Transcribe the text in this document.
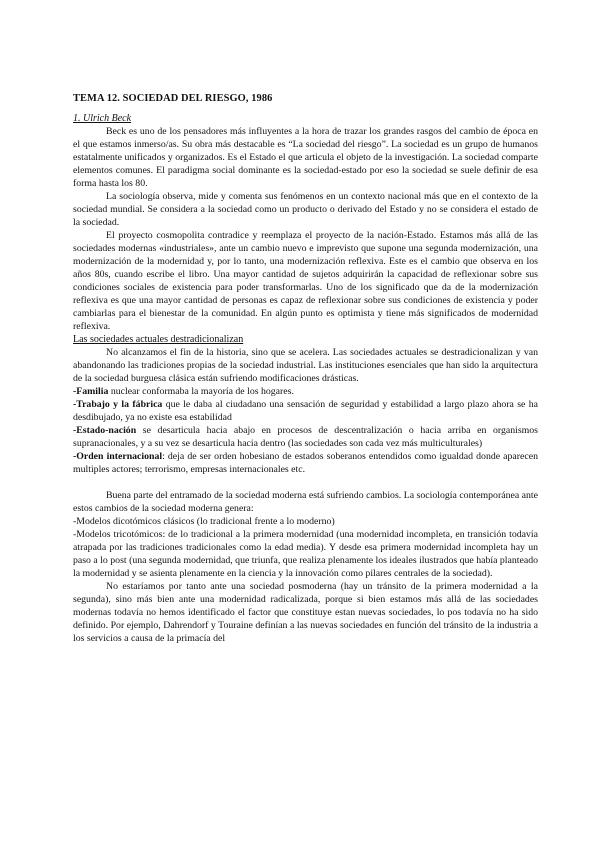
TEMA 12. SOCIEDAD DEL RIESGO, 1986
1. Ulrich Beck

Beck es uno de los pensadores más influyentes a la hora de trazar los grandes rasgos del cambio de época en el que estamos inmerso/as. Su obra más destacable es “La sociedad del riesgo”. La sociedad es un grupo de humanos estatalmente unificados y organizados. Es el Estado el que articula el objeto de la investigación. La sociedad comparte elementos comunes. El paradigma social dominante es la sociedad-estado por eso la sociedad se suele definir de esa forma hasta los 80.

La sociología observa, mide y comenta sus fenómenos en un contexto nacional más que en el contexto de la sociedad mundial. Se considera a la sociedad como un producto o derivado del Estado y no se considera el estado de la sociedad.

El proyecto cosmopolita contradice y reemplaza el proyecto de la nación-Estado. Estamos más allá de las sociedades modernas «industriales», ante un cambio nuevo e imprevisto que supone una segunda modernización, una modernización de la modernidad y, por lo tanto, una modernización reflexiva. Este es el cambio que observa en los años 80s, cuando escribe el libro. Una mayor cantidad de sujetos adquirirán la capacidad de reflexionar sobre sus condiciones sociales de existencia para poder transformarlas. Uno de los significado que da de la modernización reflexiva es que una mayor cantidad de personas es capaz de reflexionar sobre sus condiciones de existencia y poder cambiarlas para el bienestar de la comunidad. En algún punto es optimista y tiene más significados de modernidad reflexiva.

Las sociedades actuales destradicionalizan

No alcanzamos el fin de la historia, sino que se acelera. Las sociedades actuales se destradicionalizan y van abandonando las tradiciones propias de la sociedad industrial. Las instituciones esenciales que han sido la arquitectura de la sociedad burguesa clásica están sufriendo modificaciones drásticas.

-Familia nuclear conformaba la mayoría de los hogares.

-Trabajo y la fábrica que le daba al ciudadano una sensación de seguridad y estabilidad a largo plazo ahora se ha desdibujado, ya no existe esa estabilidad

-Estado-nación se desarticula hacia abajo en procesos de descentralización o hacia arriba en organismos supranacionales, y a su vez se desarticula hacia dentro (las sociedades son cada vez más multiculturales)

-Orden internacional: deja de ser orden hobesiano de estados soberanos entendidos como igualdad donde aparecen multiples actores; terrorismo, empresas internacionales etc.

Buena parte del entramado de la sociedad moderna está sufriendo cambios. La sociología contemporánea ante estos cambios de la sociedad moderna genera:

-Modelos dicotómicos clásicos (lo tradicional frente a lo moderno)

-Modelos tricotómicos: de lo tradicional a la primera modernidad (una modernidad incompleta, en transición todavía atrapada por las tradiciones tradicionales como la edad media). Y desde esa primera modernidad incompleta hay un paso a lo post (una segunda modernidad, que triunfa, que realiza plenamente los ideales ilustrados que había planteado la modernidad y se asienta plenamente en la ciencia y la innovación como pilares centrales de la sociedad).

No estaríamos por tanto ante una sociedad posmoderna (hay un tránsito de la primera modernidad a la segunda), sino más bien ante una modernidad radicalizada, porque si bien estamos más allá de las sociedades modernas todavía no hemos identificado el factor que constituye estan nuevas sociedades, lo pos todavía no ha sido definido. Por ejemplo, Dahrendorf y Touraine definían a las nuevas sociedades en función del tránsito de la industria a los servicios a causa de la primacía del
